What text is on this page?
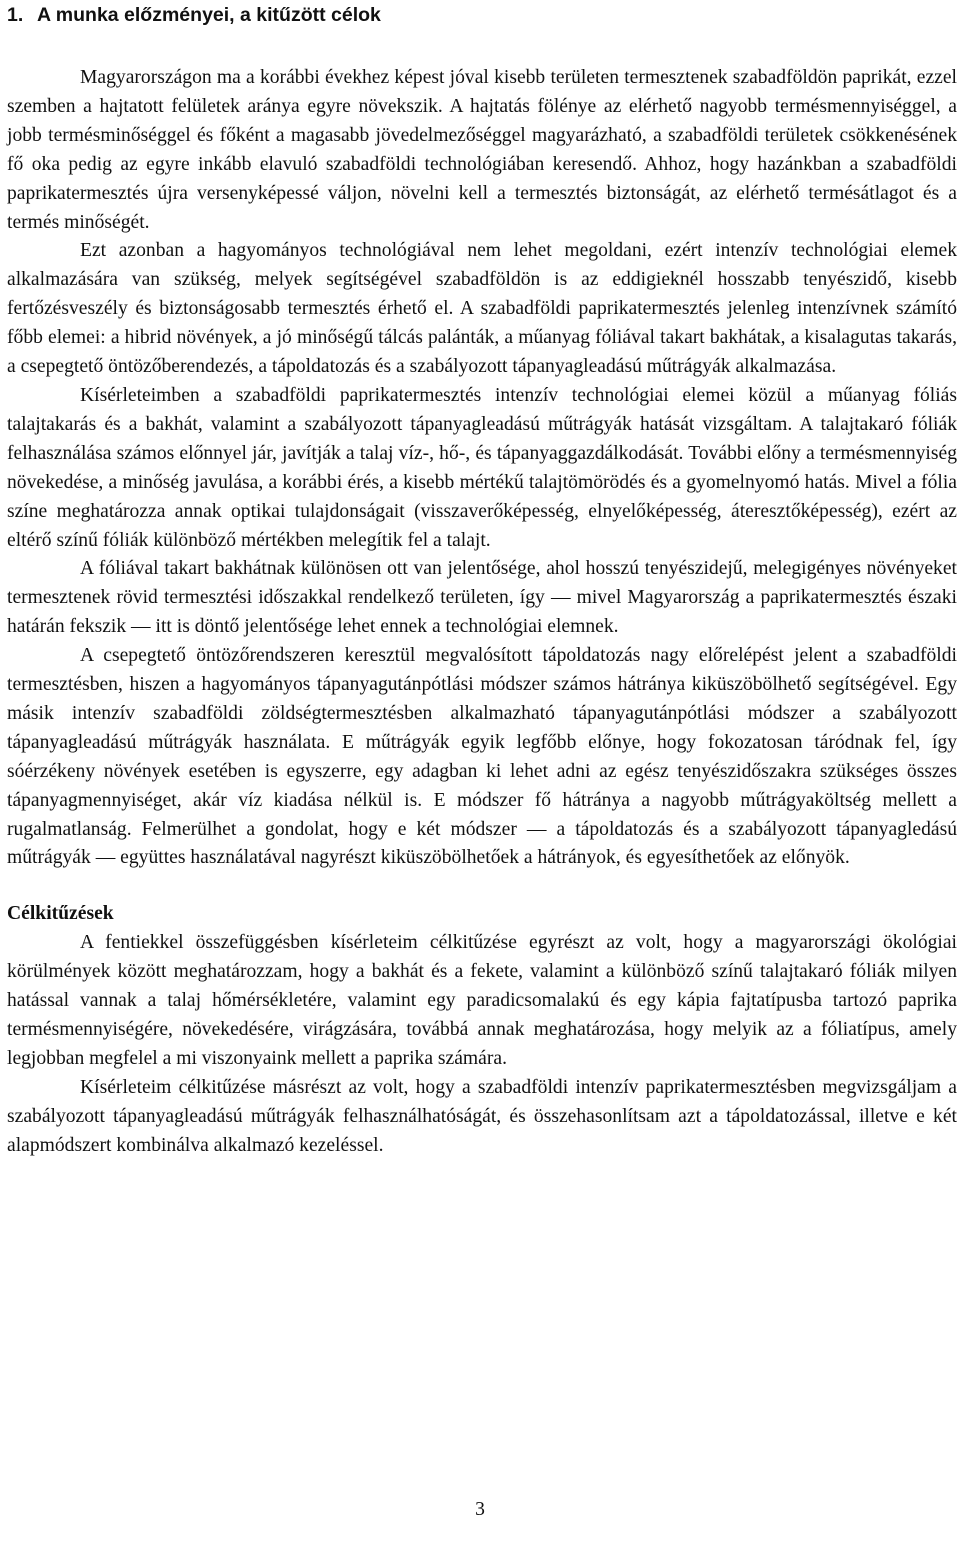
1. A munka előzményei, a kitűzött célok

Magyarországon ma a korábbi évekhez képest jóval kisebb területen termesztenek szabadföldön paprikát, ezzel szemben a hajtatott felületek aránya egyre növekszik. A hajtatás fölénye az elérhető nagyobb termésmennyiséggel, a jobb termésminőséggel és főként a magasabb jövedelmezőséggel magyarázható, a szabadföldi területek csökkenésének fő oka pedig az egyre inkább elavuló szabadföldi technológiában keresendő. Ahhoz, hogy hazánkban a szabadföldi paprikatermesztés újra versenyképessé váljon, növelni kell a termesztés biztonságát, az elérhető termésátlagot és a termés minőségét.

Ezt azonban a hagyományos technológiával nem lehet megoldani, ezért intenzív technológiai elemek alkalmazására van szükség, melyek segítségével szabadföldön is az eddigieknél hosszabb tenyészidő, kisebb fertőzésveszély és biztonságosabb termesztés érhető el. A szabadföldi paprikatermesztés jelenleg intenzívnek számító főbb elemei: a hibrid növények, a jó minőségű tálcás palánták, a műanyag fóliával takart bakhátak, a kisalagutas takarás, a csepegtető öntözőberendezés, a tápoldatozás és a szabályozott tápanyagleadású műtrágyák alkalmazása.

Kísérleteimben a szabadföldi paprikatermesztés intenzív technológiai elemei közül a műanyag fóliás talajtakarás és a bakhát, valamint a szabályozott tápanyagleadású műtrágyák hatását vizsgáltam. A talajtakaró fóliák felhasználása számos előnnyel jár, javítják a talaj víz-, hő-, és tápanyaggazdálkodását. További előny a termésmennyiség növekedése, a minőség javulása, a korábbi érés, a kisebb mértékű talajtömörödés és a gyomelnyomó hatás. Mivel a fólia színe meghatározza annak optikai tulajdonságait (visszaverőképesség, elnyelőképesség, áteresztőképesség), ezért az eltérő színű fóliák különböző mértékben melegítik fel a talajt.

A fóliával takart bakhátnak különösen ott van jelentősége, ahol hosszú tenyészidejű, melegigényes növényeket termesztenek rövid termesztési időszakkal rendelkező területen, így — mivel Magyarország a paprikatermesztés északi határán fekszik — itt is döntő jelentősége lehet ennek a technológiai elemnek.

A csepegtető öntözőrendszeren keresztül megvalósított tápoldatozás nagy előrelépést jelent a szabadföldi termesztésben, hiszen a hagyományos tápanyagutánpótlási módszer számos hátránya kiküszöbölhető segítségével. Egy másik intenzív szabadföldi zöldségtermesztésben alkalmazható tápanyagutánpótlási módszer a szabályozott tápanyagleadású műtrágyák használata. E műtrágyák egyik legfőbb előnye, hogy fokozatosan táródnak fel, így sóérzékeny növények esetében is egyszerre, egy adagban ki lehet adni az egész tenyészidőszakra szükséges összes tápanyagmennyiséget, akár víz kiadása nélkül is. E módszer fő hátránya a nagyobb műtrágyaköltség mellett a rugalmatlanság. Felmerülhet a gondolat, hogy e két módszer — a tápoldatozás és a szabályozott tápanyagledású műtrágyák — együttes használatával nagyrészt kiküszöbölhetőek a hátrányok, és egyesíthetőek az előnyök.

Célkitűzések

A fentiekkel összefüggésben kísérleteim célkitűzése egyrészt az volt, hogy a magyarországi ökológiai körülmények között meghatározzam, hogy a bakhát és a fekete, valamint a különböző színű talajtakaró fóliák milyen hatással vannak a talaj hőmérsékletére, valamint egy paradicsomalakú és egy kápia fajtatípusba tartozó paprika termésmennyiségére, növekedésére, virágzására, továbbá annak meghatározása, hogy melyik az a fóliatípus, amely legjobban megfelel a mi viszonyaink mellett a paprika számára.

Kísérleteim célkitűzése másrészt az volt, hogy a szabadföldi intenzív paprikatermesztésben megvizsgáljam a szabályozott tápanyagleadású műtrágyák felhasználhatóságát, és összehasonlítsam azt a tápoldatozással, illetve e két alapmódszert kombinálva alkalmazó kezeléssel.

3
